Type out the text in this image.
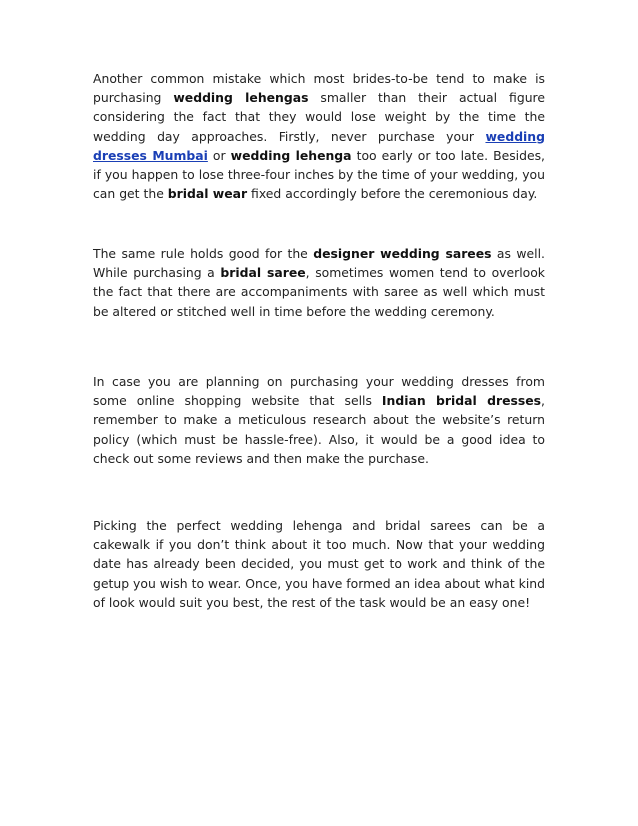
Another common mistake which most brides-to-be tend to make is purchasing wedding lehengas smaller than their actual figure considering the fact that they would lose weight by the time the wedding day approaches. Firstly, never purchase your wedding dresses Mumbai or wedding lehenga too early or too late. Besides, if you happen to lose three-four inches by the time of your wedding, you can get the bridal wear fixed accordingly before the ceremonious day.

The same rule holds good for the designer wedding sarees as well. While purchasing a bridal saree, sometimes women tend to overlook the fact that there are accompaniments with saree as well which must be altered or stitched well in time before the wedding ceremony.

In case you are planning on purchasing your wedding dresses from some online shopping website that sells Indian bridal dresses, remember to make a meticulous research about the website’s return policy (which must be hassle-free). Also, it would be a good idea to check out some reviews and then make the purchase.

Picking the perfect wedding lehenga and bridal sarees can be a cakewalk if you don’t think about it too much. Now that your wedding date has already been decided, you must get to work and think of the getup you wish to wear. Once, you have formed an idea about what kind of look would suit you best, the rest of the task would be an easy one!
